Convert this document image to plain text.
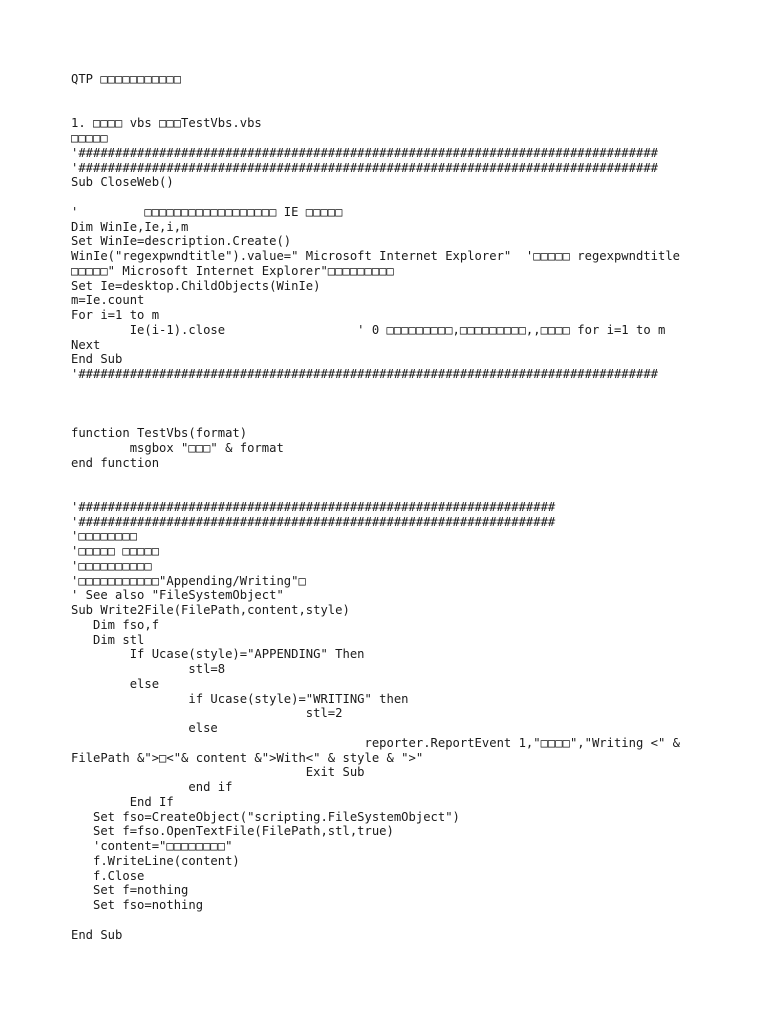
QTP □□□□□□□□□□□
1. □□□□ vbs □□□TestVbs.vbs
□□□□□
'###############################################################################
'###############################################################################
Sub CloseWeb()
'         □□□□□□□□□□□□□□□□□□ IE □□□□□
Dim WinIe,Ie,i,m
Set WinIe=description.Create()
WinIe("regexpwndtitle").value=" Microsoft Internet Explorer"  '□□□□□ regexpwndtitle
□□□□□" Microsoft Internet Explorer"□□□□□□□□□
Set Ie=desktop.ChildObjects(WinIe)
m=Ie.count
For i=1 to m
Ie(i-1).close                  ' 0 □□□□□□□□□,□□□□□□□□□,,□□□□ for i=1 to m
Next
End Sub
'###############################################################################
function TestVbs(format)
msgbox "□□□" & format
end function
'#################################################################
'#################################################################
'□□□□□□□□
'□□□□□ □□□□□
'□□□□□□□□□□
'□□□□□□□□□□□"Appending/Writing"□
' See also "FileSystemObject"
Sub Write2File(FilePath,content,style)
Dim fso,f
Dim stl
If Ucase(style)="APPENDING" Then
stl=8
else
if Ucase(style)="WRITING" then
stl=2
else
reporter.ReportEvent 1,"□□□□","Writing <" &
FilePath &">□<"& content &">With<" & style & ">"
Exit Sub
end if
End If
Set fso=CreateObject("scripting.FileSystemObject")
Set f=fso.OpenTextFile(FilePath,stl,true)
'content="□□□□□□□□"
f.WriteLine(content)
f.Close
Set f=nothing
Set fso=nothing
End Sub
